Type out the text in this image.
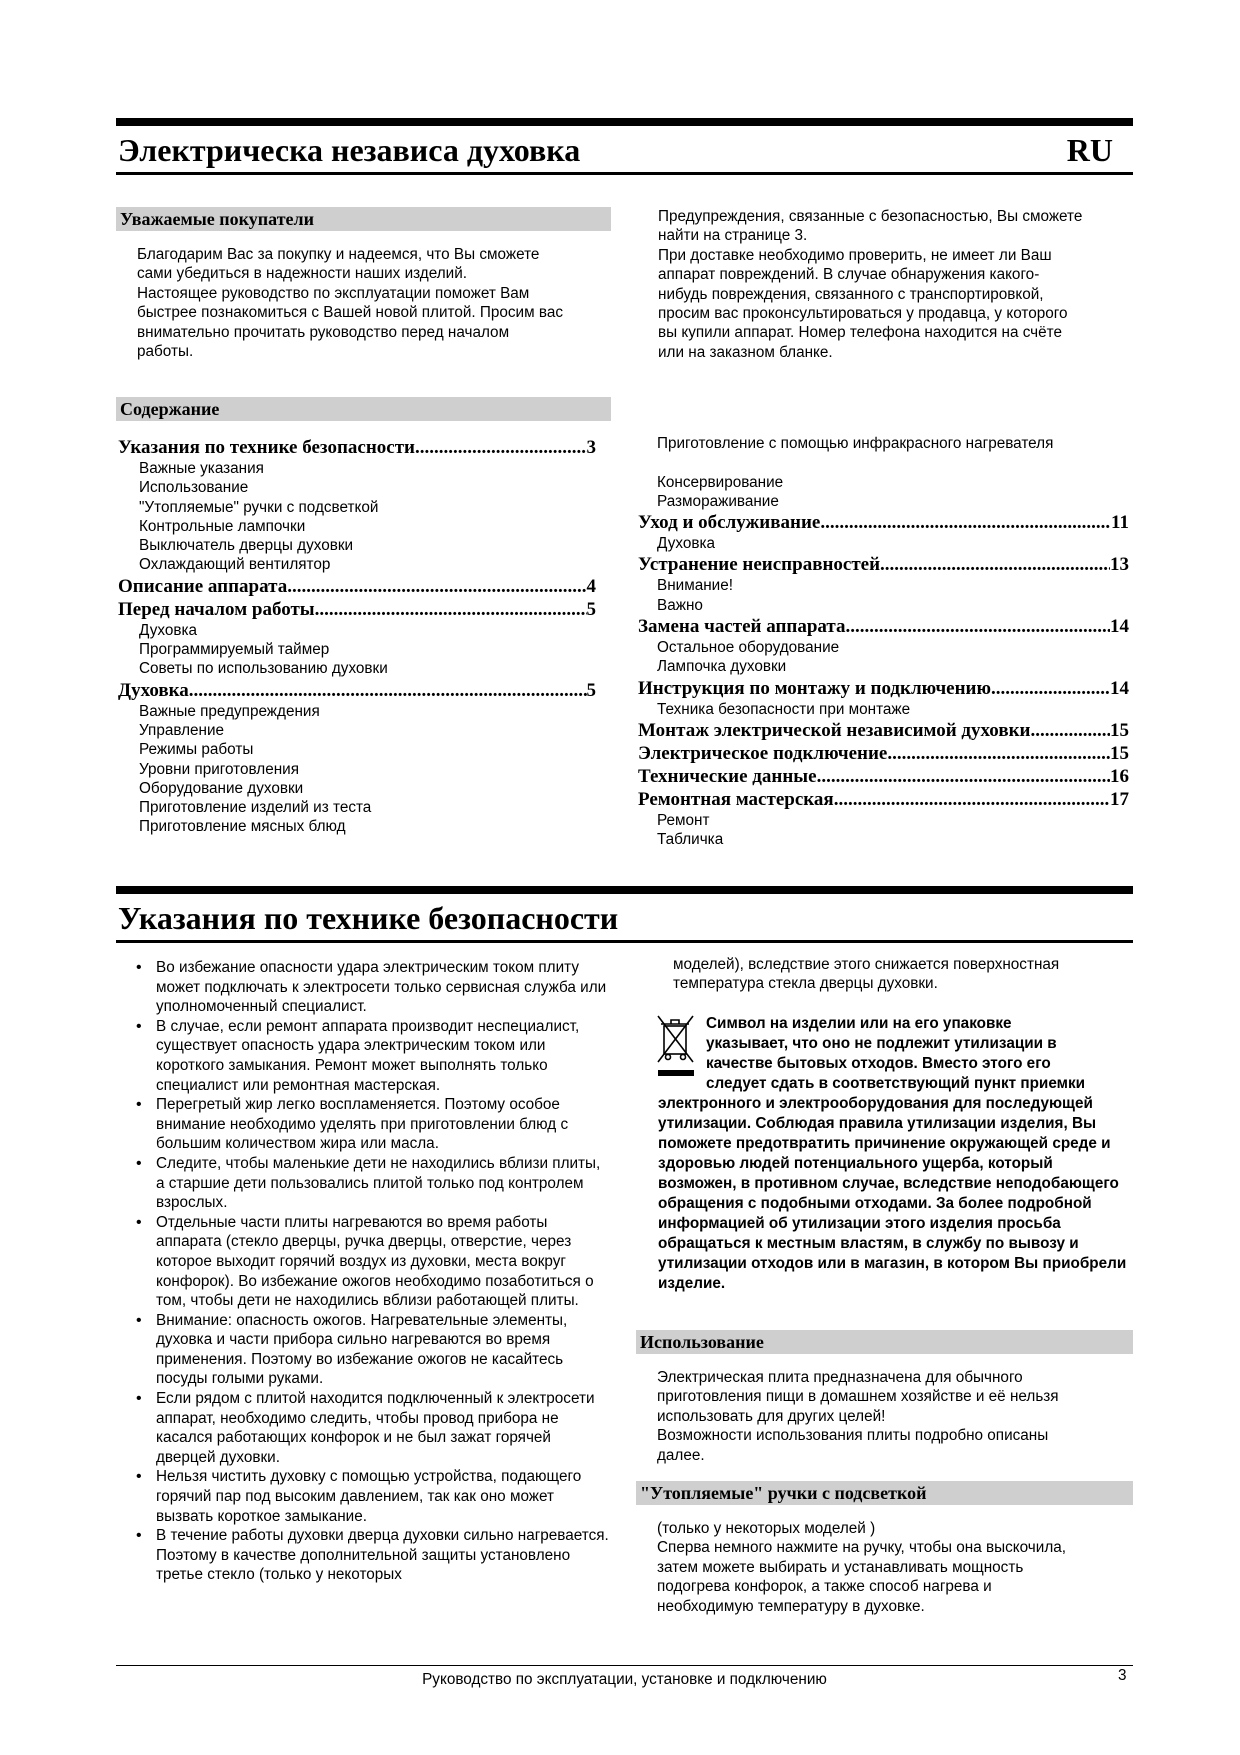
Электрическа независа духовка	RU
Уважаемые покупатели
Благодарим Вас за покупку и надеемся, что Вы сможете
сами убедиться в надежности наших изделий.
Настоящее руководство по эксплуатации поможет Вам
быстрее познакомиться с Вашей новой плитой. Просим вас
внимательно прочитать руководство перед началом
работы.
Предупреждения, связанные с безопасностью, Вы сможете
найти на странице 3.
При доставке необходимо проверить, не имеет ли Ваш
аппарат повреждений. В случае обнаружения какого-
нибудь повреждения, связанного с транспортировкой,
просим вас проконсультироваться у продавца, у которого
вы купили аппарат. Номер телефона находится на счёте
или на заказном бланке.
Содержание
Указания по технике безопасности .....	3
Важные указания
Использование
"Утопляемые" ручки с подсветкой
Контрольные лампочки
Выключатель дверцы духовки
Охлаждающий вентилятор
Описание аппарата .....	4
Перед началом работы .....	5
Духовка
Программируемый таймер
Советы по использованию духовки
Духовка .....	5
Важные предупреждения
Управление
Режимы работы
Уровни приготовления
Оборудование духовки
Приготовление изделий из теста
Приготовление мясных блюд
Приготовление с помощью инфракрасного нагревателя
Консервирование
Размораживание
Уход и обслуживание .....	11
Духовка
Устранение неисправностей .....	13
Внимание!
Важно
Замена частей аппарата .....	14
Остальное оборудование
Лампочка духовки
Инструкция по монтажу и подключению .....	14
Техника безопасности при монтаже
Монтаж электрической независимой духовки .....	15
Электрическое подключение .....	15
Технические данные .....	16
Ремонтная мастерская .....	17
Ремонт
Табличка
Указания по технике безопасности
• Во избежание опасности удара электрическим током плиту может подключать к электросети только сервисная служба или уполномоченный специалист.
• В случае, если ремонт аппарата производит неспециалист, существует опасность удара электрическим током или короткого замыкания. Ремонт может выполнять только специалист или ремонтная мастерская.
• Перегретый жир легко воспламеняется. Поэтому особое внимание необходимо уделять при приготовлении блюд с большим количеством жира или масла.
• Следите, чтобы маленькие дети не находились вблизи плиты, а старшие дети пользовались плитой только под контролем взрослых.
• Отдельные части плиты нагреваются во время работы аппарата (стекло дверцы, ручка дверцы, отверстие, через которое выходит горячий воздух из духовки, места вокруг конфорок). Во избежание ожогов необходимо позаботиться о том, чтобы дети не находились вблизи работающей плиты.
• Внимание: опасность ожогов. Нагревательные элементы, духовка и части прибора сильно нагреваются во время применения. Поэтому во избежание ожогов не касайтесь посуды голыми руками.
• Если рядом с плитой находится подключенный к электросети аппарат, необходимо следить, чтобы провод прибора не касался работающих конфорок и не был зажат горячей дверцей духовки.
• Нельзя чистить духовку с помощью устройства, подающего горячий пар под высоким давлением, так как оно может вызвать короткое замыкание.
• В течение работы духовки дверца духовки сильно нагревается. Поэтому в качестве дополнительной защиты установлено третье стекло (только у некоторых
моделей), вследствие этого снижается поверхностная
температура стекла дверцы духовки.
Символ на изделии или на его упаковке
указывает, что оно не подлежит утилизации в
качестве бытовых отходов. Вместо этого его
следует сдать в соответствующий пункт приемки
электронного и электрооборудования для последующей утилизации. Соблюдая правила утилизации изделия, Вы поможете предотвратить причинение окружающей среде и здоровью людей потенциального ущерба, который возможен, в противном случае, вследствие неподобающего обращения с подобными отходами. За более подробной информацией об утилизации этого изделия просьба обращаться к местным властям, в службу по вывозу и утилизации отходов или в магазин, в котором Вы приобрели изделие.
Использование
Электрическая плита предназначена для обычного
приготовления пищи в домашнем хозяйстве и её нельзя
использовать для других целей!
Возможности использования плиты подробно описаны
далее.
"Утопляемые" ручки с подсветкой
(только у некоторых моделей )
Сперва немного нажмите на ручку, чтобы она выскочила,
затем можете выбирать и устанавливать мощность
подогрева конфорок, а также способ нагрева и
необходимую температуру в духовке.
Руководство по эксплуатации, установке и подключению	3
